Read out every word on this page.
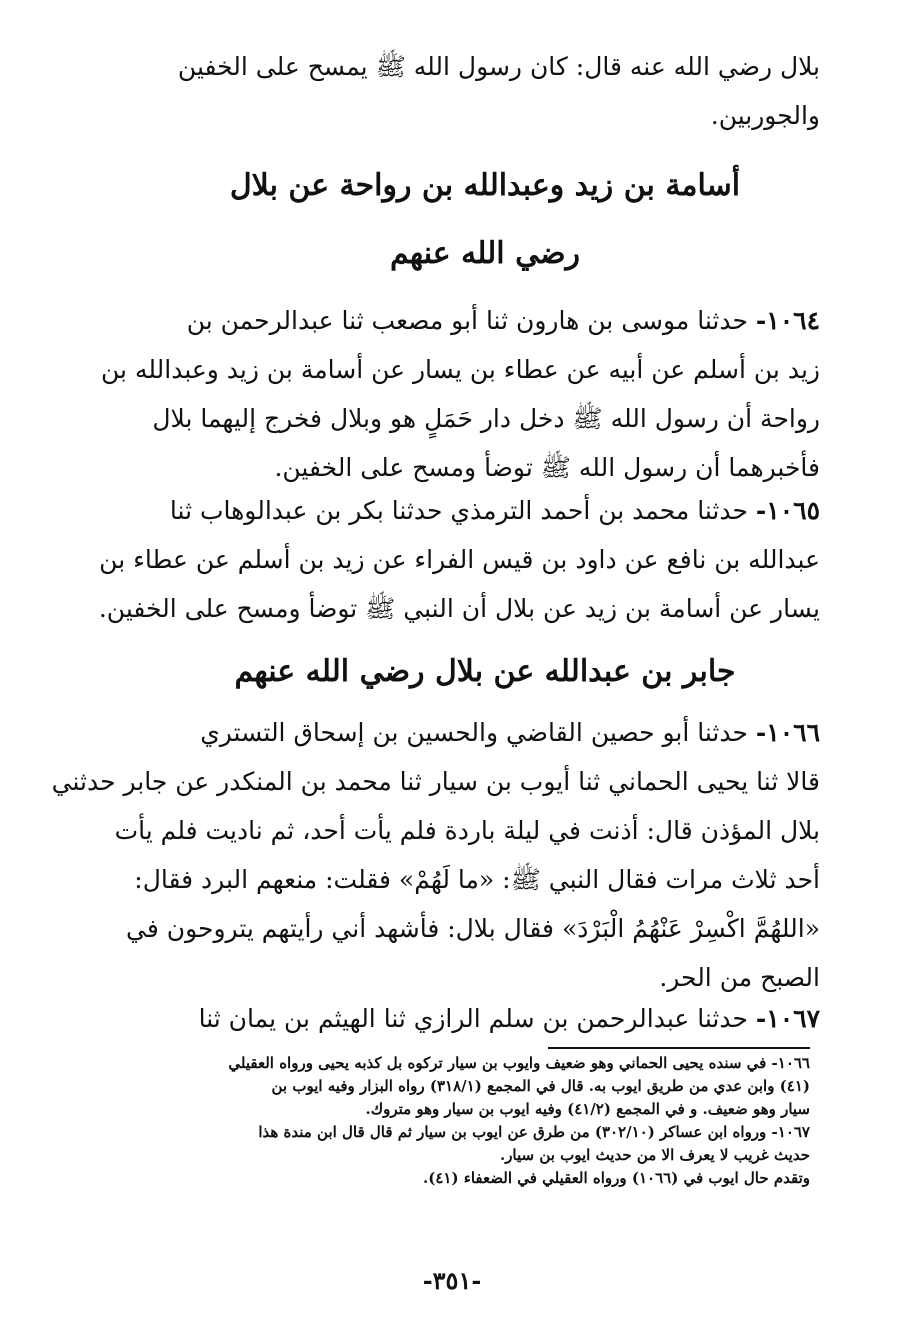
بلال رضي الله عنه قال: كان رسول الله ﷺ يمسح على الخفين
والجوربين.
أسامة بن زيد وعبدالله بن رواحة عن بلال
رضي الله عنهم
١٠٦٤- حدثنا موسى بن هارون ثنا أبو مصعب ثنا عبدالرحمن بن
زيد بن أسلم عن أبيه عن عطاء بن يسار عن أسامة بن زيد وعبدالله بن
رواحة أن رسول الله ﷺ دخل دار حَمَلٍ هو وبلال فخرج إليهما بلال
فأخبرهما أن رسول الله ﷺ توضأ ومسح على الخفين.
١٠٦٥- حدثنا محمد بن أحمد الترمذي حدثنا بكر بن عبدالوهاب ثنا
عبدالله بن نافع عن داود بن قيس الفراء عن زيد بن أسلم عن عطاء بن
يسار عن أسامة بن زيد عن بلال أن النبي ﷺ توضأ ومسح على الخفين.
جابر بن عبدالله عن بلال رضي الله عنهم
١٠٦٦- حدثنا أبو حصين القاضي والحسين بن إسحاق التستري
قالا ثنا يحيى الحماني ثنا أيوب بن سيار ثنا محمد بن المنكدر عن جابر حدثني
بلال المؤذن قال: أذنت في ليلة باردة فلم يأت أحد، ثم ناديت فلم يأت
أحد ثلاث مرات فقال النبي ﷺ: «ما لَهُمْ» فقلت: منعهم البرد فقال:
«اللهُمَّ اكْسِرْ عَنْهُمُ الْبَرْدَ» فقال بلال: فأشهد أني رأيتهم يتروحون في
الصبح من الحر.
١٠٦٧- حدثنا عبدالرحمن بن سلم الرازي ثنا الهيثم بن يمان ثنا
١٠٦٦- في سنده يحيى الحماني وهو ضعيف وايوب بن سيار تركوه بل كذبه يحيى ورواه العقيلي
(٤١) وابن عدي من طريق ايوب به. قال في المجمع (٣١٨/١) رواه البزار وفيه ايوب بن
سيار وهو ضعيف. و في المجمع (٤١/٢) وفيه ايوب بن سيار وهو متروك.
١٠٦٧- ورواه ابن عساكر (٣٠٢/١٠) من طرق عن ايوب بن سيار ثم قال قال ابن مندة هذا
حديث غريب لا يعرف الا من حديث ايوب بن سيار.
وتقدم حال ايوب في (١٠٦٦) ورواه العقيلي في الضعفاء (٤١).
-٣٥١-
